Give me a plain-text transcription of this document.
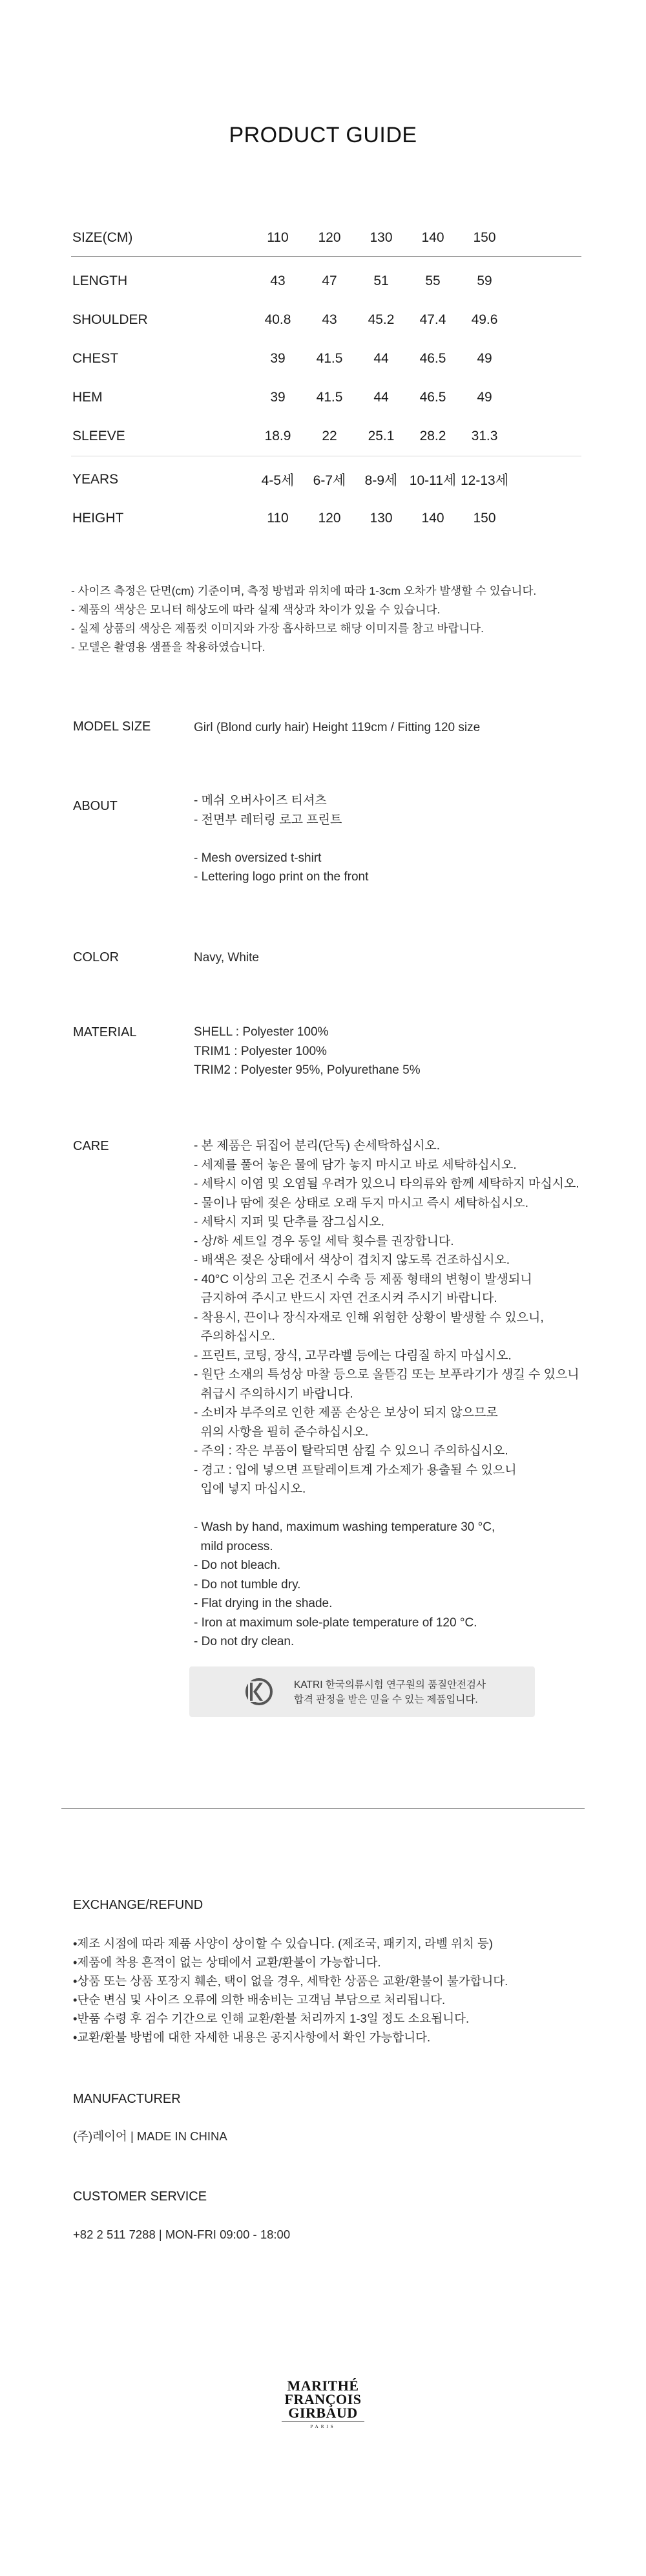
PRODUCT GUIDE
SIZE(CM)	110 120 130 140 150
LENGTH	43	47	51	55	59
SHOULDER	40.8 43 45.2 47.4 49.6
CHEST	39 41.5 44 46.5 49
HEM	39 41.5 44 46.5 49
SLEEVE	18.9 22 25.1 28.2 31.3
YEARS	4-5세 6-7세 8-9세 10-11세 12-13세
HEIGHT	110 120 130 140 150
- 사이즈 측정은 단면(cm) 기준이며, 측정 방법과 위치에 따라 1-3cm 오차가 발생할 수 있습니다.
- 제품의 색상은 모니터 해상도에 따라 실제 색상과 차이가 있을 수 있습니다.
- 실제 상품의 색상은 제품컷 이미지와 가장 흡사하므로 해당 이미지를 참고 바랍니다.
- 모델은 촬영용 샘플을 착용하였습니다.
MODEL SIZE	Girl (Blond curly hair) Height 119cm / Fitting 120 size
ABOUT	- 메쉬 오버사이즈 티셔츠
- 전면부 레터링 로고 프린트
- Mesh oversized t-shirt
- Lettering logo print on the front
COLOR	Navy, White
MATERIAL	SHELL : Polyester 100%
TRIM1 : Polyester 100%
TRIM2 : Polyester 95%, Polyurethane 5%
CARE	- 본 제품은 뒤집어 분리(단독) 손세탁하십시오.
- 세제를 풀어 놓은 물에 담가 놓지 마시고 바로 세탁하십시오.
- 세탁시 이염 및 오염될 우려가 있으니 타의류와 함께 세탁하지 마십시오.
- 물이나 땀에 젖은 상태로 오래 두지 마시고 즉시 세탁하십시오.
- 세탁시 지퍼 및 단추를 잠그십시오.
- 상/하 세트일 경우 동일 세탁 횟수를 권장합니다.
- 배색은 젖은 상태에서 색상이 겹치지 않도록 건조하십시오.
- 40°C 이상의 고온 건조시 수축 등 제품 형태의 변형이 발생되니
금지하여 주시고 반드시 자연 건조시켜 주시기 바랍니다.
- 착용시, 끈이나 장식자재로 인해 위험한 상황이 발생할 수 있으니,
주의하십시오.
- 프린트, 코팅, 장식, 고무라벨 등에는 다림질 하지 마십시오.
- 원단 소재의 특성상 마찰 등으로 올뜯김 또는 보푸라기가 생길 수 있으니
취급시 주의하시기 바랍니다.
- 소비자 부주의로 인한 제품 손상은 보상이 되지 않으므로
위의 사항을 필히 준수하십시오.
- 주의 : 작은 부품이 탈락되면 삼킬 수 있으니 주의하십시오.
- 경고 : 입에 넣으면 프탈레이트계 가소제가 용출될 수 있으니
입에 넣지 마십시오.
- Wash by hand, maximum washing temperature 30 °C,
mild process.
- Do not bleach.
- Do not tumble dry.
- Flat drying in the shade.
- Iron at maximum sole-plate temperature of 120 °C.
- Do not dry clean.
KATRI 한국의류시험 연구원의 품질안전검사
합격 판정을 받은 믿을 수 있는 제품입니다.
EXCHANGE/REFUND
•제조 시점에 따라 제품 사양이 상이할 수 있습니다. (제조국, 패키지, 라벨 위치 등)
•제품에 착용 흔적이 없는 상태에서 교환/환불이 가능합니다.
•상품 또는 상품 포장지 훼손, 택이 없을 경우, 세탁한 상품은 교환/환불이 불가합니다.
•단순 변심 및 사이즈 오류에 의한 배송비는 고객님 부담으로 처리됩니다.
•반품 수령 후 검수 기간으로 인해 교환/환불 처리까지 1-3일 정도 소요됩니다.
•교환/환불 방법에 대한 자세한 내용은 공지사항에서 확인 가능합니다.
MANUFACTURER
(주)레이어 | MADE IN CHINA
CUSTOMER SERVICE
+82 2 511 7288 | MON-FRI 09:00 - 18:00
MARITHÉ
FRANÇOIS
GIRBAUD
PARIS
